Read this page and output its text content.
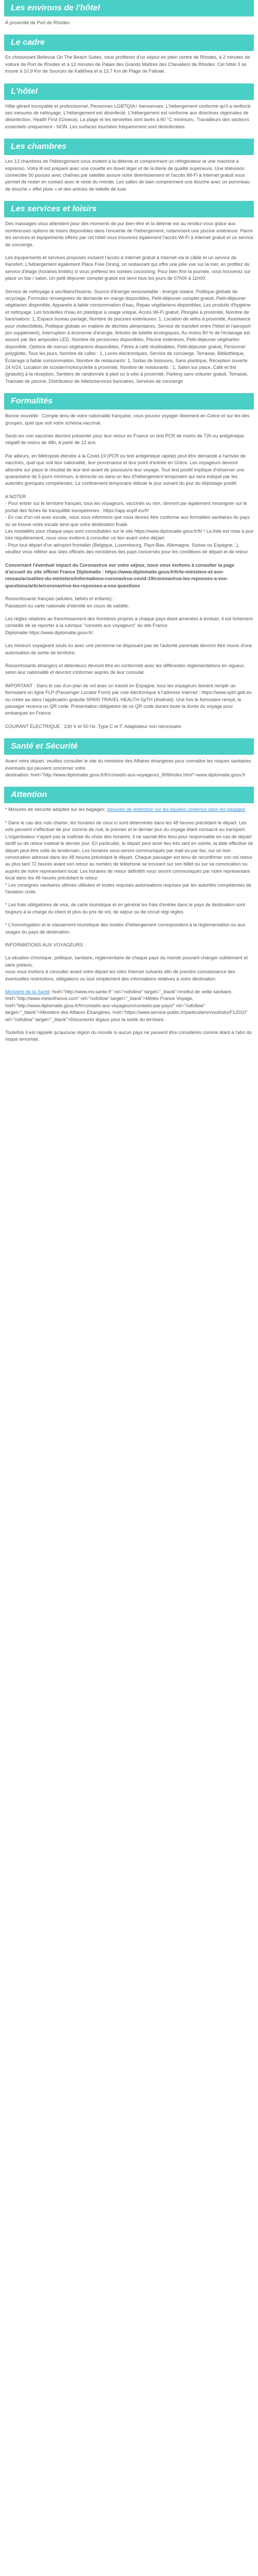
Les environs de l'hôtel

À proximité de Port de Rhodes

Le cadre

En choisissant Bellevue On The Beach Suites, vous profiterez d'un séjour en plein centre de Rhodes, à 2 minutes de voiture de Port de Rhodes et à 12 minutes de Palais des Grands Maîtres des Chevaliers de Rhodes. Cet hôtel 3 se trouve à 10,9 Km de Sources de Kallithea et à 13,7 Km de Plage de Faliraki.

L'hôtel

Hôte gérant incroyable et professionnel, Personnes LGBTQIA+ bienvenues. L'hébergement conforme qu'il a renforcé ses mesures de nettoyage. L'hébergement est désinfecté. L'hébergement est conforme aux directives régionales de désinfection. Health First (Greece). La plage et les serviettes sont lavés à 60 °C minimum,. Travailleurs des secteurs essentiels uniquement - NON. Les surfaces touchées fréquemment sont désinfectées.

Les chambres

Les 13 chambres de l'hébergement vous invitent à la détente et comprennent un réfrigérateur et une machine à espresso. Votre lit est préparé avec une couette en duvet léger et de la literie de qualité supérieure. Une télévision connectée 50 pouces avec chaînes par satellite assure votre divertissement et l'accès Wi-Fi à Internet gratuit vous permet de rester en contact avec le reste du monde. Les salles de bain comprennent une douche avec un pommeau de douche « effet pluie » et des articles de toilette de luxe.

Les services et loisirs

Des massages vous attendent pour des moments de pur bien-être et la détente est au rendez-vous grâce aux nombreuses options de loisirs disponibles dans l'enceinte de l'hébergement, notamment une piscine extérieure. Parmi les services et équipements offerts par cet hôtel vous trouverez également l'accès Wi-Fi à Internet gratuit et un service de concierge.

Les équipements et services proposés incluent l'accès à Internet gratuit à Internet via le câble et un service de transfert. L'hébergement également Place Free Dining, un restaurant qui offre une jolie vue sur la mer, en profitez du service d'étage (horaires limités) si vous préférez les soirées cocooning. Pour bien finir la journée, vous trouverez sur place un bar / salon. Un petit déjeuner complet gratuit est servi tous les jours de 07h00 à 11h00.

Service de nettoyage à sec/blanchisserie, Source d'énergie renouvelable - énergie solaire, Politique globale de recyclage, Formules renseignées de demande en marge disponibles, Petit-déjeuner complet gratuit, Petit-déjeuner végétarien disponible, Appareils à faible consommation d'eau, Repas végétariens disponibles, Les produits d'hygiène et nettoyage, Les bouteilles d'eau en plastique à usage unique, Accès Wi-Fi gratuit, Plongée à proximité, Nombre de bars/salons: 1, Espace bureau partagé, Nombre de piscines extérieures: 1, Location de vélos à proximité, Assistance pour visites/billets, Politique globale en matière de déchets alimentaires, Service de transfert entre l'hôtel et l'aéroport (en supplément), Interruption à économie d'énergie, Articles de toilette écologiques, Au moins 80 % de l'éclairage est assuré par des ampoules LED, Nombre de personnes disponibles, Piscine extérieure, Petit-déjeuner végétarien disponible, Options de menus végétariens disponibles, Filtres à café réutilisables, Petit-déjeuner gratuit, Personnel polyglotte, Tous les jours, Nombre de cafés : 1, Livres électroniques, Service de concierge, Terrasse, Bibliothèque, Éclairage à faible consommation, Nombre de restaurants: 1, Sodas de boissons, Sans plastique, Réception ouverte 24 h/24, Location de scooter/motocyclette à proximité, Nombre de restaurants : 1, Salon sur place, Café et thé (gratuits) à la réception, Sentiers de randonnée à pied ou à vélo à proximité, Parking sans voiturier gratuit, Terrasse, Transats de piscine, Distributeur de billets/services bancaires, Services de concierge

Formalités

Bonne nouvelle : Compte tenu de votre nationalité française, vous pouvez voyager librement en Grèce et sur les des groupes, quel que soit votre schéma vaccinal.

Seuls les non vaccinés devront présenter pour leur retour en France un test PCR de moins de 72h ou antigénique négatif de moins de 48h, à partir de 12 ans.

Par ailleurs, en Métropole étendre à la Covid-19 (PCR ou test antigénique rapide) peut être demandé à l'arrivée de vaccinés, quel que soit leur nationalité, leur provenance et leur point d'entrée en Grèce. Les voyageurs devront attendre sur place le résultat de leur test avant de poursuivre leur voyage. Tout test positif implique d'observer une quarantaine de 5 jours minimum, à domicile ou dans un lieu d'hébergement temporaire qui sera indiqué par les autorités grecques compétentes. Le confinement temporaire débute le jour suivant du jour du dépistage positif.

A NOTER
- Pour entrer sur le territoire français, tous les voyageurs, vaccinés ou non, devront par également renseigner sur le portail des fiches de tranquillité européennes : https://app.euplf.eu/#/
- En cas d'un vol avec escale, nous vous informons que vous devrez être conforme aux formalités sanitaires du pays où se trouve votre escale ainsi que votre destination finale.
Les modalités pour chaque pays sont consultables sur le site https://www.diplomatie.gouv.fr/fr/ ! La liste est mise à jour très régulièrement, nous vous invitons à consulter ce lien avant votre départ.
- Pour tout départ d'un aéroport frontalier (Belgique, Luxembourg, Pays-Bas, Allemagne, Suisse ou Espagne...), veuillez vous référer aux sites officiels des ministères des pays concernés pour les conditions de départ et de retour.

Concernant l'éventuel impact du Coronavirus sur votre séjour, nous vous invitons à consulter la page d'accueil du site officiel France Diplomatie : https://www.diplomatie.gouv.fr/fr/le-ministere-et-son-reseau/actualites-du-ministere/informations-coronavirus-covid-19/coronavirus-les-reponses-a-vos-questions/article/coronavirus-les-reponses-a-vos-questions

Ressortissants français (adultes, bébés et enfants) :
Passeport ou carte nationale d'identité en cours de validité.

Les règles relatives au franchissement des frontières propres à chaque pays étant amenées à évoluer, il est fortement conseillé de se reporter à la rubrique "conseils aux voyageurs" du site France
Diplomatie https://www.diplomatie.gouv.fr/.

Les mineurs voyageant seuls ou avec une personne ne disposant pas de l'autorité parentale devront être munis d'une autorisation de sortie de territoire.

Ressortissants étrangers et détenteurs devront être en conformité avec les différentes réglementations en vigueur, selon leur nationalité et devront s'informer auprès de leur consulat.

IMPORTANT : Dans le cas d'un plan de vol avec un transit en Espagne, tous les voyageurs doivent remplir un formulaire en ligne FLP (Passenger Locator Form) par voie électronique à l'adresse Internet : https://www.spth.gob.es ou créée au dans l'application gratuite SPAIN TRAVEL HEALTH-SpTH (Android). Une fois le formulaire rempli, le passager recevra un QR code. Présentation obligatoire de ce QR code durant toute la durée du voyage pour embarquer en France.

COURANT ÉLECTRIQUE : 230 V et 50 Hz. Type C et F. Adaptateur non nécessaire.

Santé et Sécurité

Avant votre départ, veuillez consulter le site du ministère des Affaires étrangères pour connaître les risques sanitaires éventuels qui peuvent concerner votre
destination: href="http://www.diplomatie.gouv.fr/fr/conseils-aux-voyageurs_909/index.html">www.diplomatie.gouv.fr

Attention

* Mesures de sécurité adoptée sur les bagages: mesures de restriction sur les liquides contenus dans les bagages

* Dans le cas des vols charter, les horaires de ceux-ci sont déterminés dans les 48 heures précédant le départ. Les vols peuvent s'effectuer de jour comme de nuit, le premier et le dernier jour du voyage étant consacré au transport. L'organisateur n'ayant pas la maîtrise du choix des horaires, il ne saurait être tenu pour responsable en cas de départ tardif ou de retour matinal le dernier jour. En particulier, le départ peut avoir lieu très tard en soirée, la date effective de départ peut être celle du lendemain. Les horaires sous-seront communiqués par mail ou par fax, sur un bon convocation adressé dans les 48 heures précédant le départ. Chaque passager est tenu de reconfirmer son vol retour au plus tard 72 heures avant son retour au numéro de téléphone se trouvant sur son billet ou sur sa convocation ou auprès de notre représentant local. Les horaires de retour définitifs vous seront communiqués par notre représentant local dans les 48 heures précédant le retour.
* Les consignes sanitaires ultimes utilisées et toutes requises autorisations requises par les autorités compétentes de l'aviation civile.

* Les frais obligatoires de visa, de carte touristique et en général les frais d'entrée dans le pays de destination sont toujours à la charge du client et plus du prix de vol, de séjour ou de circuit régi règles.

* L'homologation et le classement touristique des modes d'hébergement correspondent à la réglementation ou aux usages du pays de destination.

INFORMATIONS AUX VOYAGEURS :

La situation chronique, politique, sanitaire, réglementaire de chaque pays du monde pouvant changer subitement et sans préavis,
nous vous invitons à consulter avant votre départ les sites Internet suivants afin de prendre connaissance des éventuelles restrictions, obligations ou tout simplement des informations relatives à votre destination.

Ministère de la Santé: href="http://www.mv.sante.fr" rel="nofollow" target="_blank">Institut de veille sanitaire,
href="http://www.meteofrance.com" rel="nofollow" target="_blank">Météo France Voyage, href="http://www.diplomatie.gouv.fr/fr/conseils-aux-voyageurs/conseils-par-pays/" rel="nofollow" target="_blank">Ministère des Affaires Étrangères, href="https://www.service-public.fr/particuliers/vosdroits/F12010" rel="nofollow" target="_blank">Documents légaux pour la sortie du territoire.

Toutefois il est rappelé qu'aucune région du monde ni aucun pays ne peuvent être considérés comme étant à l'abri du risque terroriste.
